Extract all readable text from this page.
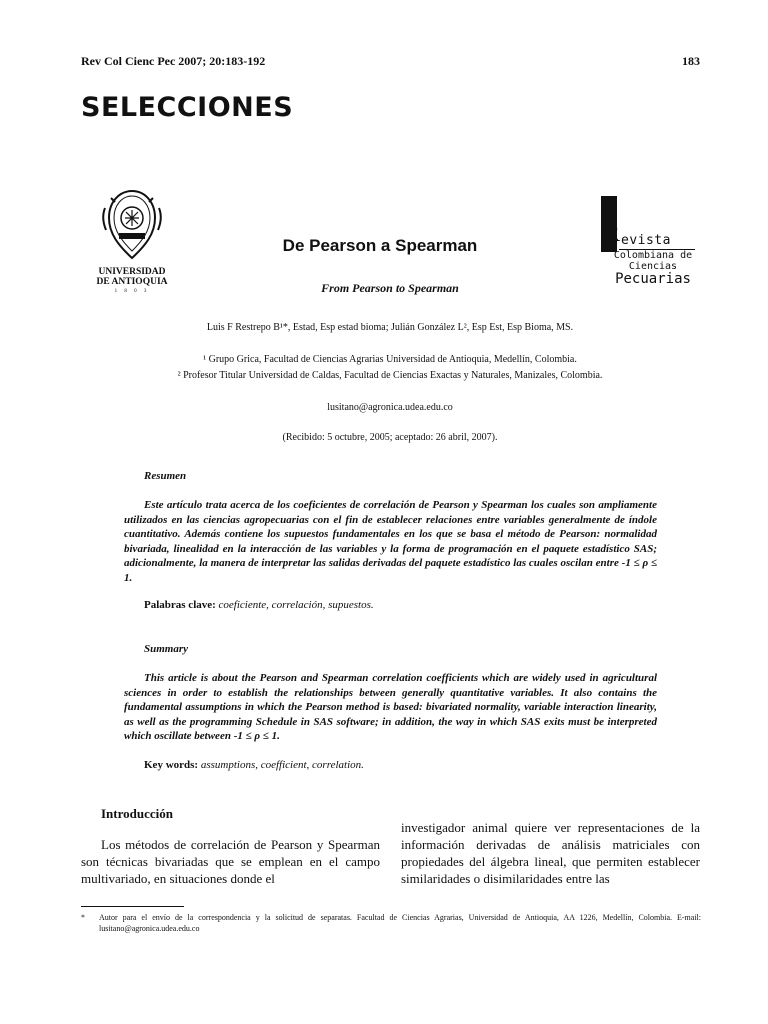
Rev Col Cienc Pec 2007; 20:183-192	183
SELECCIONES
UNIVERSIDAD
DE ANTIOQUIA
1 8 0 3
De Pearson a Spearman
From Pearson to Spearman
R evista
Colombiana de
Ciencias
Pecuarias
Luis F Restrepo B¹*, Estad, Esp estad bioma; Julián González L², Esp Est, Esp Bioma, MS.
¹ Grupo Grica, Facultad de Ciencias Agrarias Universidad de Antioquia, Medellín, Colombia.
² Profesor Titular Universidad de Caldas, Facultad de Ciencias Exactas y Naturales, Manizales, Colombia.
lusitano@agronica.udea.edu.co
(Recibido: 5 octubre, 2005; aceptado: 26 abril, 2007).
Resumen
Este artículo trata acerca de los coeficientes de correlación de Pearson y Spearman los cuales son ampliamente utilizados en las ciencias agropecuarias con el fin de establecer relaciones entre variables generalmente de índole cuantitativo. Además contiene los supuestos fundamentales en los que se basa el método de Pearson: normalidad bivariada, linealidad en la interacción de las variables y la forma de programación en el paquete estadístico SAS; adicionalmente, la manera de interpretar las salidas derivadas del paquete estadístico las cuales oscilan entre -1 ≤ ρ ≤ 1.
Palabras clave: coeficiente, correlación, supuestos.
Summary
This article is about the Pearson and Spearman correlation coefficients which are widely used in agricultural sciences in order to establish the relationships between generally quantitative variables. It also contains the fundamental assumptions in which the Pearson method is based: bivariated normality, variable interaction linearity, as well as the programming Schedule in SAS software; in addition, the way in which SAS exits must be interpreted which oscillate between -1 ≤ ρ ≤ 1.
Key words: assumptions, coefficient, correlation.
Introducción
Los métodos de correlación de Pearson y Spearman son técnicas bivariadas que se emplean en el campo multivariado, en situaciones donde el
investigador animal quiere ver representaciones de la información derivadas de análisis matriciales con propiedades del álgebra lineal, que permiten establecer similaridades o disimilaridades entre las
*	Autor para el envío de la correspondencia y la solicitud de separatas. Facultad de Ciencias Agrarias, Universidad de Antioquia, AA 1226, Medellín, Colombia. E-mail: lusitano@agronica.udea.edu.co
